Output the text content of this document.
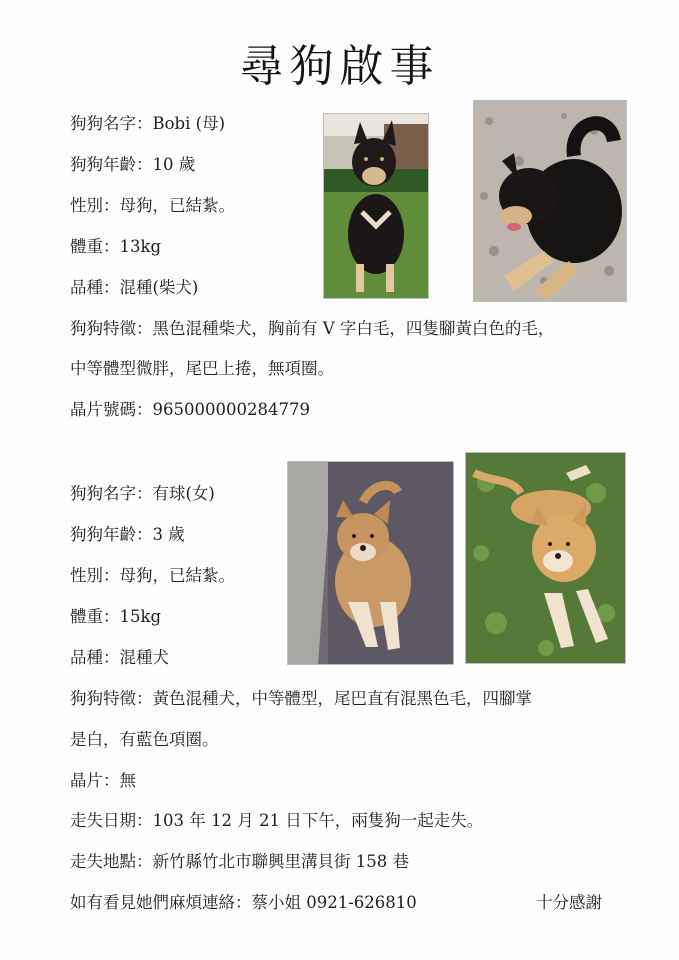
尋狗啟事
狗狗名字：Bobi (母)
狗狗年齡：10 歲
性別：母狗，已結紮。
體重：13kg
品種：混種(柴犬)
狗狗特徵：黑色混種柴犬，胸前有 V 字白毛，四隻腳黃白色的毛，
中等體型微胖，尾巴上捲，無項圈。
晶片號碼：965000000284779
狗狗名字：有球(女)
狗狗年齡：3 歲
性別：母狗，已結紮。
體重：15kg
品種：混種犬
狗狗特徵：黃色混種犬，中等體型，尾巴直有混黑色毛，四腳掌
是白，有藍色項圈。
晶片：無
走失日期：103 年 12 月 21 日下午，兩隻狗一起走失。
走失地點：新竹縣竹北市聯興里溝貝街 158 巷
如有看見她們麻煩連絡：蔡小姐 0921-626810	十分感謝
